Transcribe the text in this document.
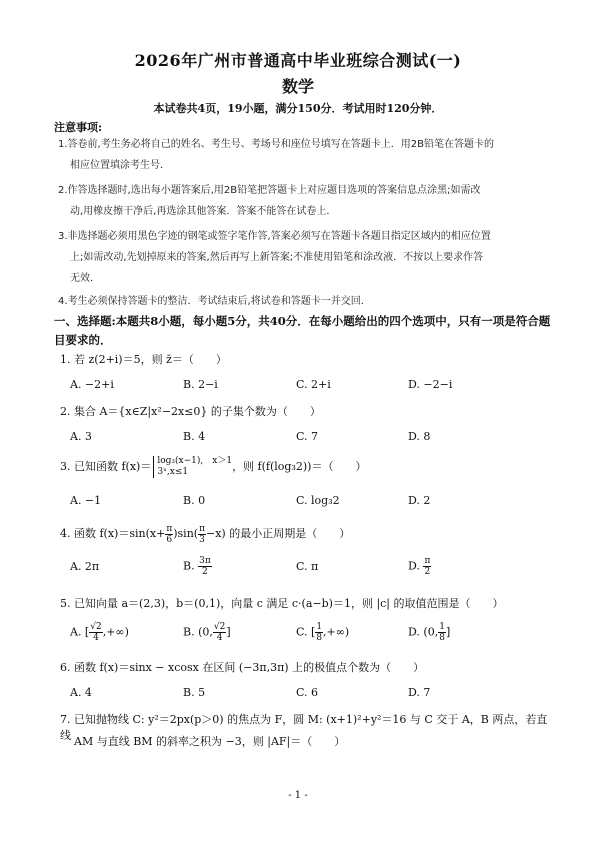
2026年广州市普通高中毕业班综合测试(一)
数学
本试卷共4页，19小题，满分150分．考试用时120分钟．
注意事项:
1.答卷前,考生务必将自己的姓名、考生号、考场号和座位号填写在答题卡上．用2B铅笔在答题卡的
相应位置填涂考生号．
2.作答选择题时,选出每小题答案后,用2B铅笔把答题卡上对应题目选项的答案信息点涂黑;如需改
动,用橡皮擦干净后,再选涂其他答案．答案不能答在试卷上．
3.非选择题必须用黑色字迹的钢笔或签字笔作答,答案必须写在答题卡各题目指定区域内的相应位置
上;如需改动,先划掉原来的答案,然后再写上新答案;不准使用铅笔和涂改液．不按以上要求作答
无效．
4.考生必须保持答题卡的整洁．考试结束后,将试卷和答题卡一并交回．
一、选择题:本题共8小题，每小题5分，共40分．在每小题给出的四个选项中，只有一项是符合题目要求的．
1. 若 z(2+i)＝5，则 z̄＝（　　）
A. −2+i	B. 2−i	C. 2+i	D. −2−i
2. 集合 A＝{x∈Z|x²−2x≤0} 的子集个数为（　　）
A. 3	B. 4	C. 7	D. 8
3. 已知函数 f(x)＝ log₃(x−1),　x＞1
3ˣ,x≤1	，则 f(f(log₃2))＝（　　）
A. −1	B. 0	C. log₃2	D. 2
4. 函数 $f(x)=\sin(x+ \frac{\pi}{6} )\sin( \frac{\pi}{3} -x)$ 的最小正周期是（　　）
A. 2π	B. $\frac{3\pi}{2}$	C. π	D. $\frac{\pi}{2}$
5. 已知向量 a＝(2,3)，b＝(0,1)，向量 c 满足 c·(a−b)＝1，则 |c| 的取值范围是（　　）
A. [ $\frac{√2}{4}$ ,+∞)	B. (0, $\frac{√2}{4}$ ]	C. [ $\frac{1}{8}$ ,+∞)	D. (0, $\frac{1}{8}$ ]
6. 函数 f(x)＝sinx − xcosx 在区间 (−3π,3π) 上的极值点个数为（　　）
A. 4	B. 5	C. 6	D. 7
7. 已知抛物线 C: y²＝2px(p＞0) 的焦点为 F，圆 M: (x+1)²+y²＝16 与 C 交于 A，B 两点，若直线 AM 与直线 BM 的斜率之积为 −3，则 |AF|＝（　　）
- 1 -
